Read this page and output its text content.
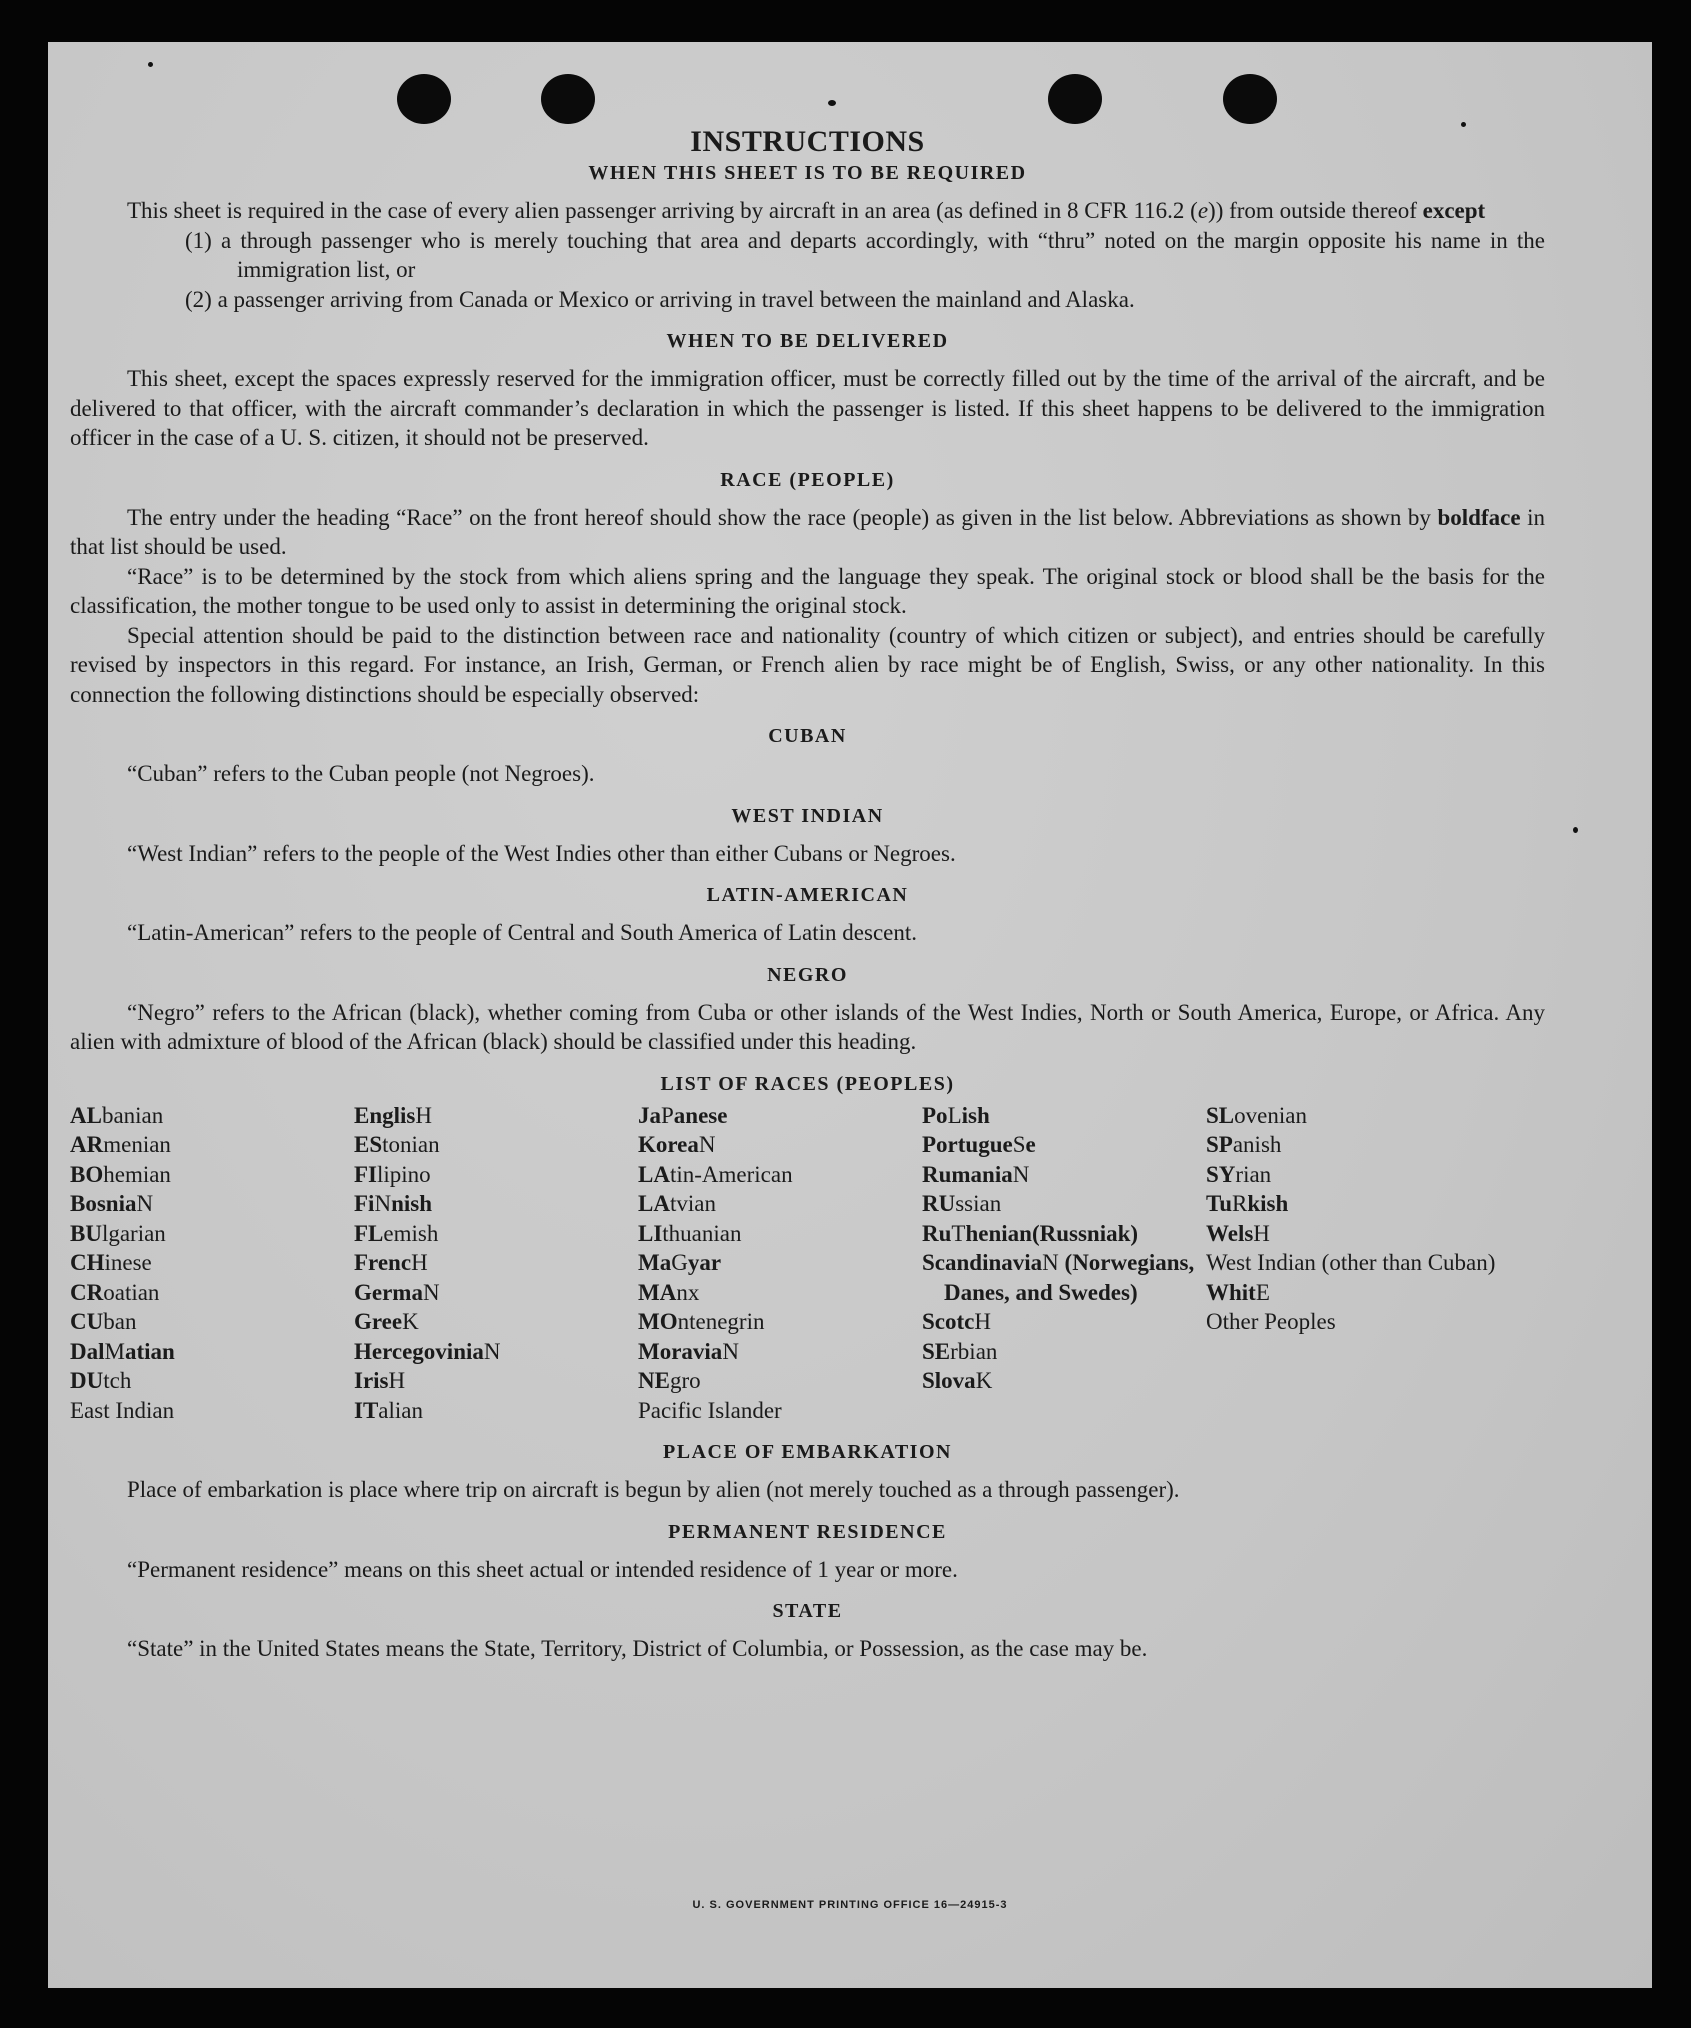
INSTRUCTIONS
WHEN THIS SHEET IS TO BE REQUIRED

This sheet is required in the case of every alien passenger arriving by aircraft in an area (as defined in 8 CFR 116.2 (e)) from outside thereof except

(1) a through passenger who is merely touching that area and departs accordingly, with “thru” noted on the margin opposite his name in the immigration list, or
(2) a passenger arriving from Canada or Mexico or arriving in travel between the mainland and Alaska.
WHEN TO BE DELIVERED

This sheet, except the spaces expressly reserved for the immigration officer, must be correctly filled out by the time of the arrival of the aircraft, and be delivered to that officer, with the aircraft commander’s declaration in which the passenger is listed. If this sheet happens to be delivered to the immigration officer in the case of a U. S. citizen, it should not be preserved.

RACE (PEOPLE)

The entry under the heading “Race” on the front hereof should show the race (people) as given in the list below. Abbreviations as shown by boldface in that list should be used.

“Race” is to be determined by the stock from which aliens spring and the language they speak. The original stock or blood shall be the basis for the classification, the mother tongue to be used only to assist in determining the original stock.

Special attention should be paid to the distinction between race and nationality (country of which citizen or subject), and entries should be carefully revised by inspectors in this regard. For instance, an Irish, German, or French alien by race might be of English, Swiss, or any other nationality. In this connection the following distinctions should be especially observed:

CUBAN

“Cuban” refers to the Cuban people (not Negroes).

WEST INDIAN

“West Indian” refers to the people of the West Indies other than either Cubans or Negroes.

LATIN-AMERICAN

“Latin-American” refers to the people of Central and South America of Latin descent.

NEGRO

“Negro” refers to the African (black), whether coming from Cuba or other islands of the West Indies, North or South America, Europe, or Africa. Any alien with admixture of blood of the African (black) should be classified under this heading.

LIST OF RACES (PEOPLES)
ALbanian
ARmenian
BOhemian
BosniaN
BUlgarian
CHinese
CRoatian
CUban
DalMatian
DUtch
East Indian
EnglisH
EStonian
FIlipino
FiNnish
FLemish
FrencH
GermaN
GreeK
HercegoviniaN
IrisH
ITalian
JaPanese
KoreaN
LAtin-American
LAtvian
LIthuanian
MaGyar
MAnx
MOntenegrin
MoraviaN
NEgro
Pacific Islander
PoLish
PortugueSe
RumaniaN
RUssian
RuThenian(Russniak)
ScandinaviaN (Norwegians, Danes, and Swedes)
ScotcH
SErbian
SlovaK
SLovenian
SPanish
SYrian
TuRkish
WelsH
West Indian (other than Cuban)
WhitE
Other Peoples
PLACE OF EMBARKATION

Place of embarkation is place where trip on aircraft is begun by alien (not merely touched as a through passenger).

PERMANENT RESIDENCE

“Permanent residence” means on this sheet actual or intended residence of 1 year or more.

STATE

“State” in the United States means the State, Territory, District of Columbia, or Possession, as the case may be.

U. S. GOVERNMENT PRINTING OFFICE 16—24915-3
